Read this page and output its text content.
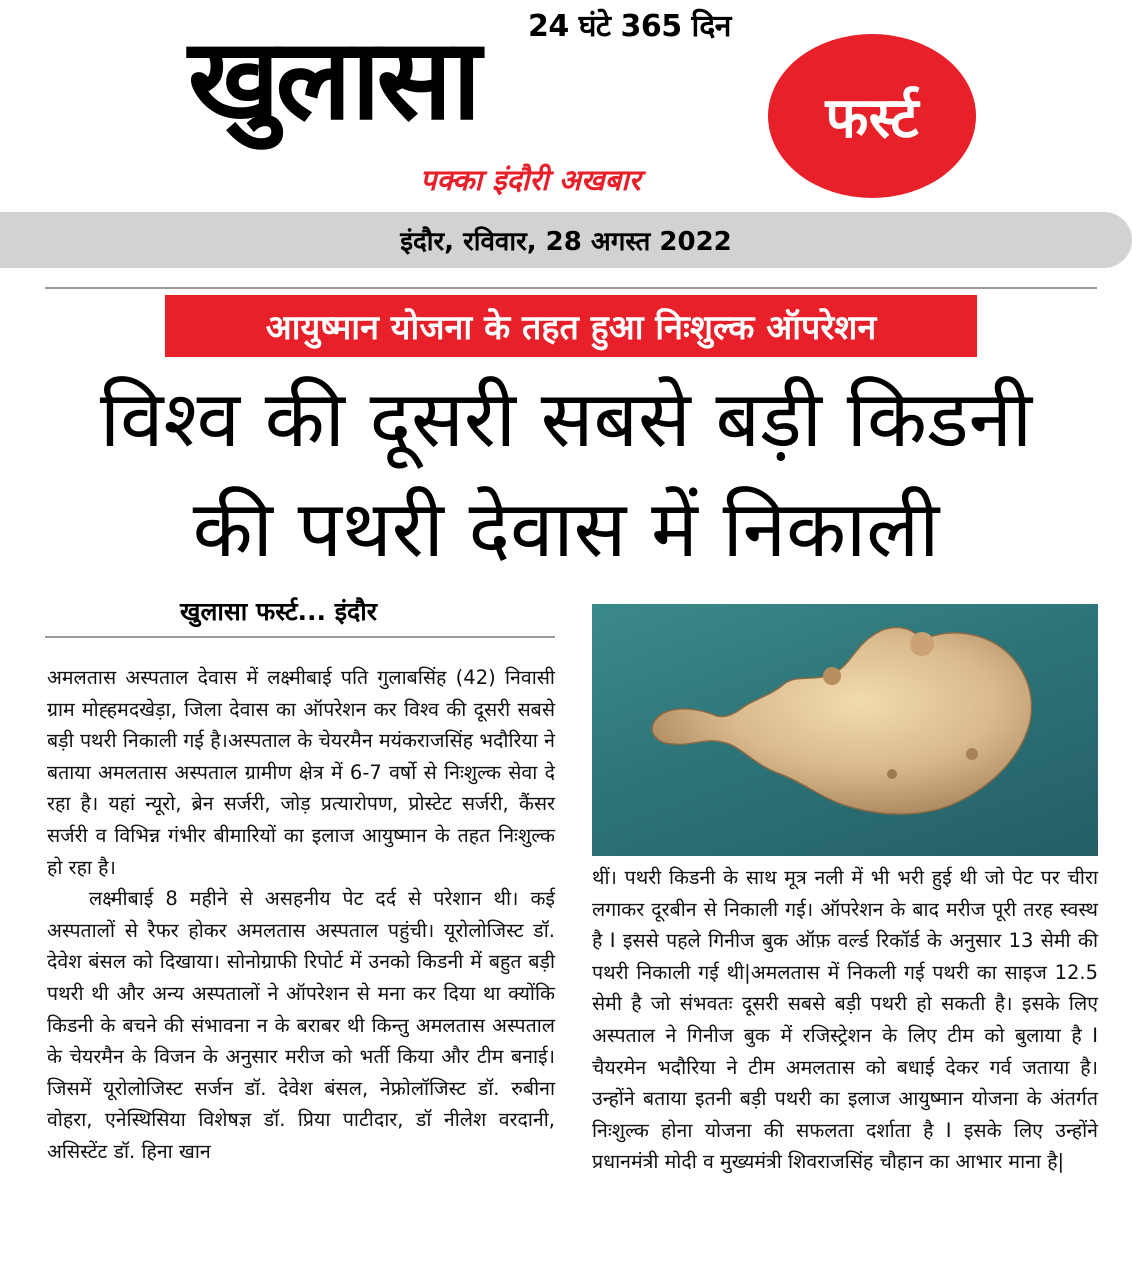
24 घंटे 365 दिन
खुलासा	फर्स्ट
पक्का इंदौरी अखबार
इंदौर, रविवार, 28 अगस्त 2022
आयुष्मान योजना के तहत हुआ निःशुल्क ऑपरेशन
विश्व की दूसरी सबसे बड़ी किडनी
की पथरी देवास में निकाली
खुलासा फर्स्ट... इंदौर

अमलतास अस्पताल देवास में लक्ष्मीबाई पति गुलाबसिंह (42) निवासी ग्राम मोह्हमदखेड़ा, जिला देवास का ऑपरेशन कर विश्व की दूसरी सबसे बड़ी पथरी निकाली गई है।अस्पताल के चेयरमैन मयंकराजसिंह भदौरिया ने बताया अमलतास अस्पताल ग्रामीण क्षेत्र में 6-7 वर्षो से निःशुल्क सेवा दे रहा है। यहां न्यूरो, ब्रेन सर्जरी, जोड़ प्रत्यारोपण, प्रोस्टेट सर्जरी, कैंसर सर्जरी व विभिन्न गंभीर बीमारियों का इलाज आयुष्मान के तहत निःशुल्क हो रहा है।

लक्ष्मीबाई 8 महीने से असहनीय पेट दर्द से परेशान थी। कई अस्पतालों से रैफर होकर अमलतास अस्पताल पहुंची। यूरोलोजिस्ट डॉ. देवेश बंसल को दिखाया। सोनोग्राफी रिपोर्ट में उनको किडनी में बहुत बड़ी पथरी थी और अन्य अस्पतालों ने ऑपरेशन से मना कर दिया था क्योंकि किडनी के बचने की संभावना न के बराबर थी किन्तु अमलतास अस्पताल के चेयरमैन के विजन के अनुसार मरीज को भर्ती किया और टीम बनाई। जिसमें यूरोलोजिस्ट सर्जन डॉ. देवेश बंसल, नेफ्रोलॉजिस्ट डॉ. रुबीना वोहरा, एनेस्थिसिया विशेषज्ञ डॉ. प्रिया पाटीदार, डॉ नीलेश वरदानी, असिस्टेंट डॉ. हिना खान

थीं। पथरी किडनी के साथ मूत्र नली में भी भरी हुई थी जो पेट पर चीरा लगाकर दूरबीन से निकाली गई। ऑपरेशन के बाद मरीज पूरी तरह स्वस्थ है I इससे पहले गिनीज बुक ऑफ़ वर्ल्ड रिकॉर्ड के अनुसार 13 सेमी की पथरी निकाली गई थी|अमलतास में निकली गई पथरी का साइज 12.5 सेमी है जो संभवतः दूसरी सबसे बड़ी पथरी हो सकती है। इसके लिए अस्पताल ने गिनीज बुक में रजिस्ट्रेशन के लिए टीम को बुलाया है I चैयरमेन भदौरिया ने टीम अमलतास को बधाई देकर गर्व जताया है। उन्होंने बताया इतनी बड़ी पथरी का इलाज आयुष्मान योजना के अंतर्गत निःशुल्क होना योजना की सफलता दर्शाता है I इसके लिए उन्होंने प्रधानमंत्री मोदी व मुख्यमंत्री शिवराजसिंह चौहान का आभार माना है|
